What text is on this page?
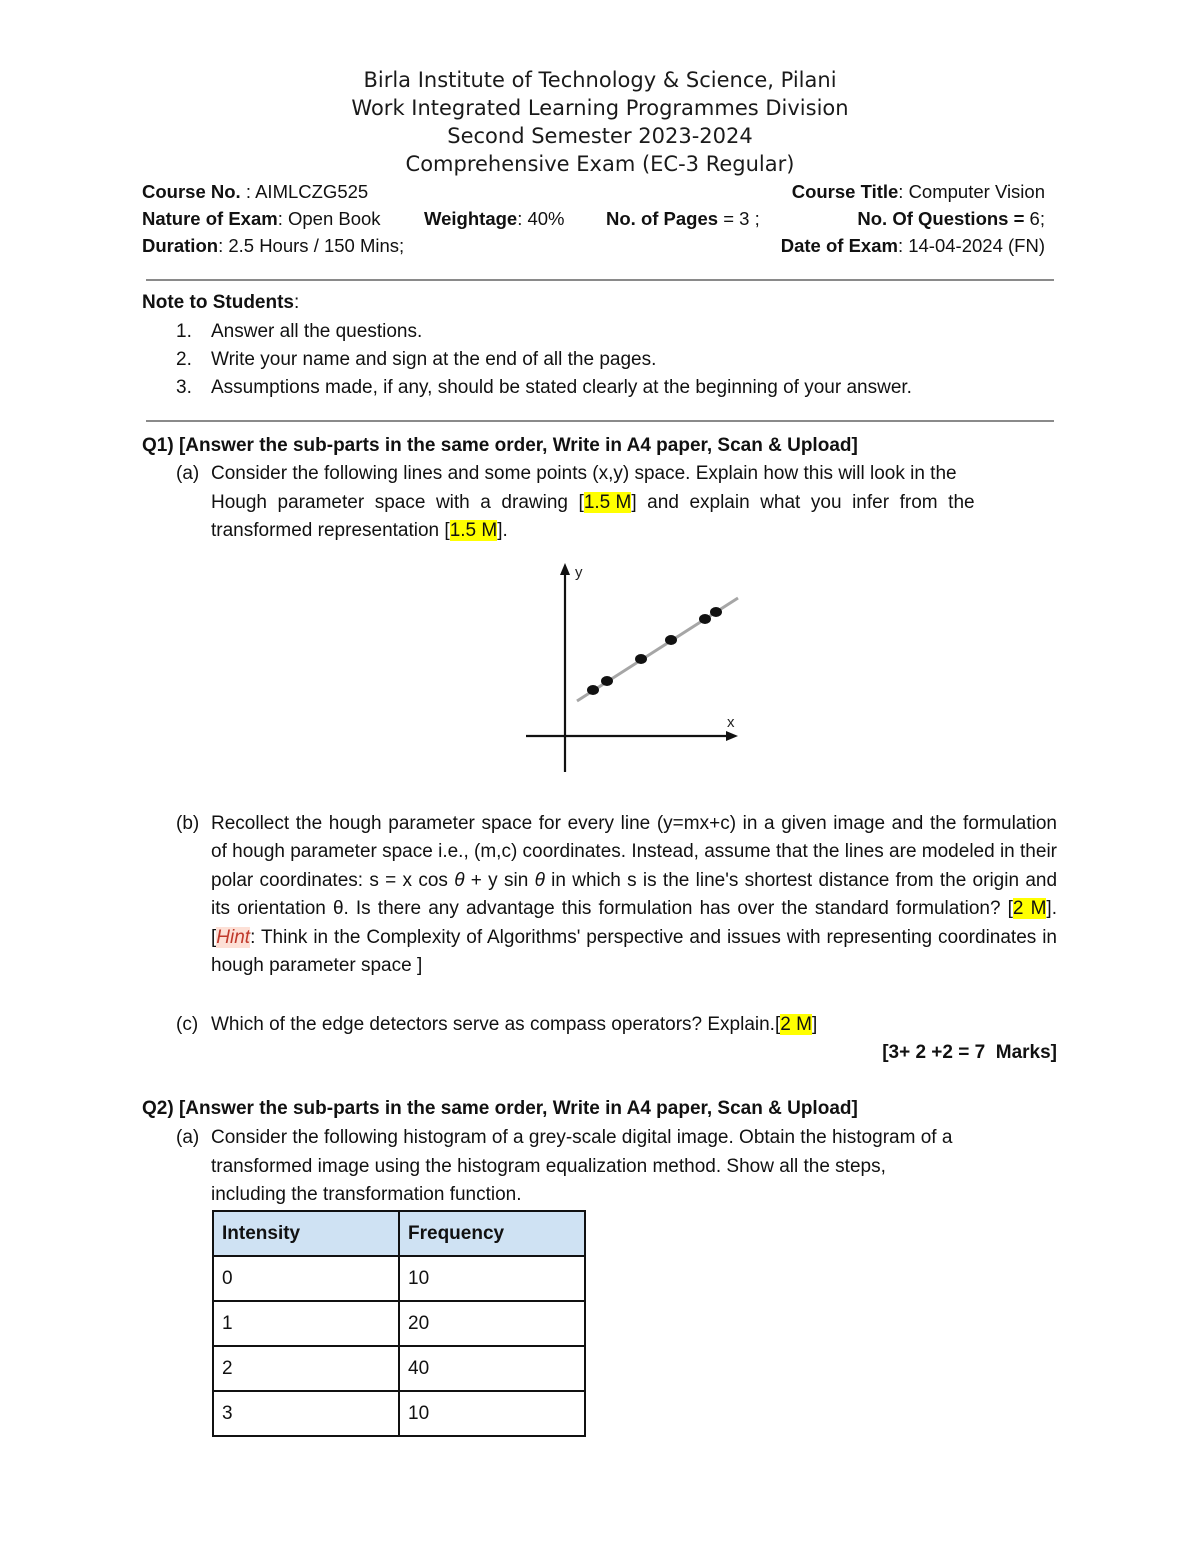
Birla Institute of Technology & Science, Pilani
Work Integrated Learning Programmes Division
Second Semester 2023-2024
Comprehensive Exam (EC-3 Regular)
Course No. : AIMLCZG525	Course Title: Computer Vision
Nature of Exam: Open Book Weightage: 40% No. of Pages = 3 ;	No. Of Questions = 6;
Duration: 2.5 Hours / 150 Mins;	Date of Exam: 14-04-2024 (FN)
Note to Students:
1. Answer all the questions.
2. Write your name and sign at the end of all the pages.
3. Assumptions made, if any, should be stated clearly at the beginning of your answer.
Q1) [Answer the sub-parts in the same order, Write in A4 paper, Scan & Upload]
(a) Consider the following lines and some points (x,y) space. Explain how this will look in the
Hough  parameter  space  with  a  drawing  [1.5 M]  and  explain  what  you  infer  from  the
transformed representation [1.5 M].
y
x
(b) Recollect the hough parameter space for every line (y=mx+c) in a given image and the formulation of hough parameter space i.e., (m,c) coordinates. Instead, assume that the lines are modeled in their polar coordinates: s = x cos θ + y sin θ in which s is the line's shortest distance from the origin and its orientation θ. Is there any advantage this formulation has over the standard formulation? [2 M]. [Hint: Think in the Complexity of Algorithms' perspective and issues with representing coordinates in hough parameter space ]
(c) Which of the edge detectors serve as compass operators? Explain.[2 M]
[3+ 2 +2 = 7  Marks]
Q2) [Answer the sub-parts in the same order, Write in A4 paper, Scan & Upload]
(a) Consider the following histogram of a grey-scale digital image. Obtain the histogram of a
transformed image using the histogram equalization method. Show all the steps,
including the transformation function.
Intensity	Frequency
0	10
1	20
2	40
3	10
